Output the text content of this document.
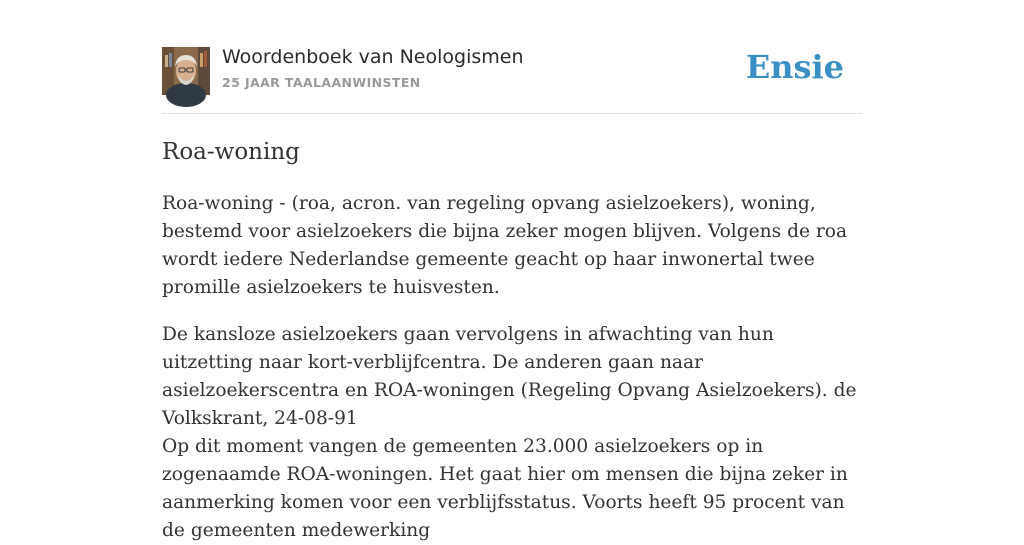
Woordenboek van Neologismen
25 JAAR TAALAANWINSTEN	Ensie
Roa-woning

Roa-woning - (roa, acron. van regeling opvang asielzoekers), woning, bestemd voor asielzoekers die bijna zeker mogen blijven. Volgens de roa wordt iedere Nederlandse gemeente geacht op haar inwonertal twee promille asielzoekers te huisvesten.

De kansloze asielzoekers gaan vervolgens in afwachting van hun uitzetting naar kort-verblijfcentra. De anderen gaan naar asielzoekerscentra en ROA-woningen (Regeling Opvang Asielzoekers). de Volkskrant, 24-08-91

Op dit moment vangen de gemeenten 23.000 asielzoekers op in zogenaamde ROA-woningen. Het gaat hier om mensen die bijna zeker in aanmerking komen voor een verblijfsstatus. Voorts heeft 95 procent van de gemeenten medewerking
